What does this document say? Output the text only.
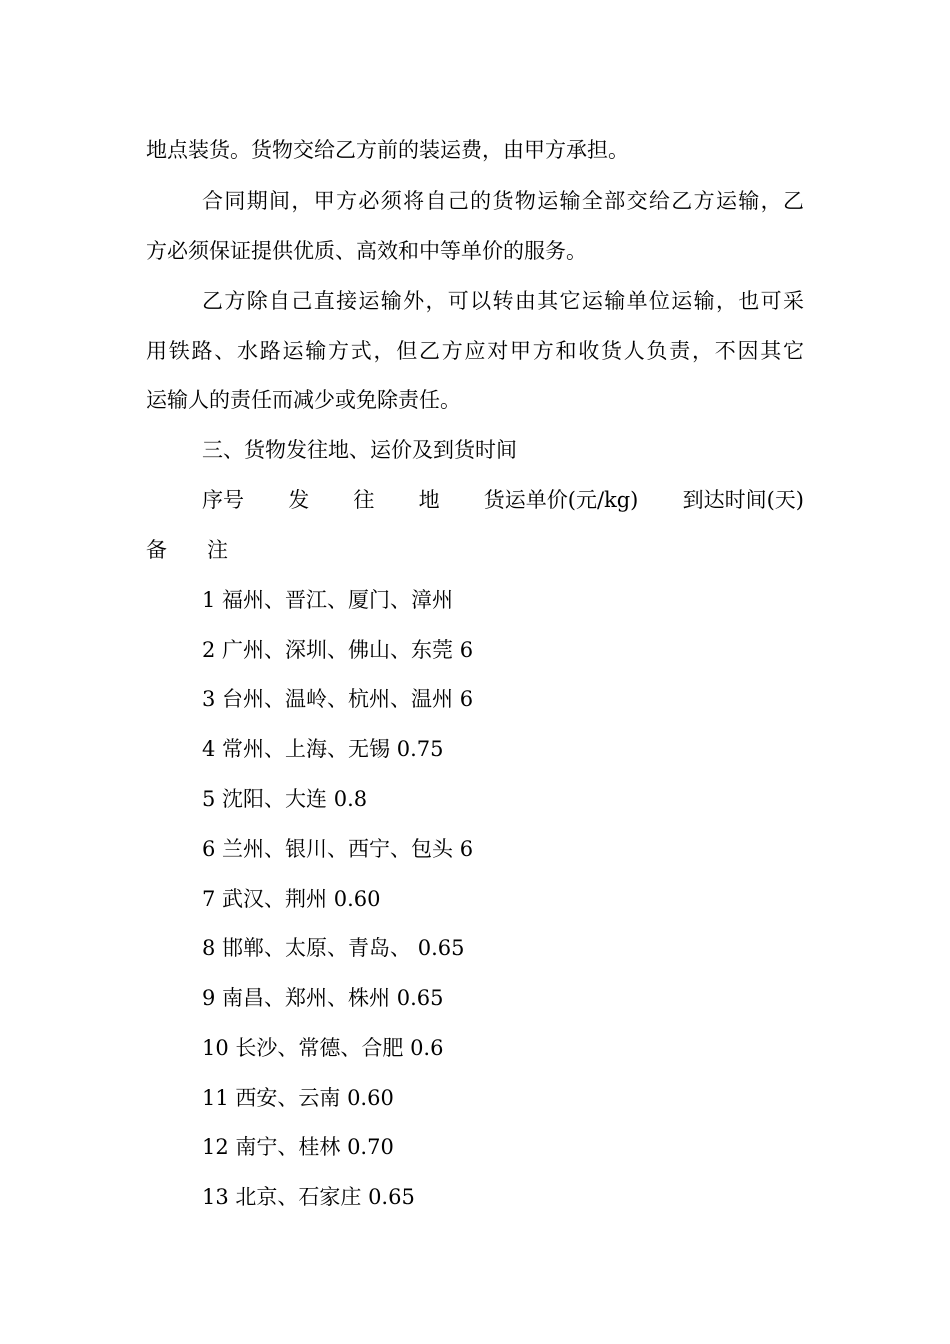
地点装货。货物交给乙方前的装运费，由甲方承担。
合同期间，甲方必须将自己的货物运输全部交给乙方运输，乙
方必须保证提供优质、高效和中等单价的服务。
乙方除自己直接运输外，可以转由其它运输单位运输，也可采
用铁路、水路运输方式，但乙方应对甲方和收货人负责，不因其它
运输人的责任而减少或免除责任。
三、货物发往地、运价及到货时间
序号 发 往 地 货运单价(元/kg) 到达时间(天)
备      注
1 福州、晋江、厦门、漳州
2 广州、深圳、佛山、东莞 6
3 台州、温岭、杭州、温州 6
4 常州、上海、无锡 0.75
5 沈阳、大连 0.8
6 兰州、银川、西宁、包头 6
7 武汉、荆州 0.60
8 邯郸、太原、青岛、 0.65
9 南昌、郑州、株州 0.65
10 长沙、常德、合肥 0.6
11 西安、云南 0.60
12 南宁、桂林 0.70
13 北京、石家庄 0.65
